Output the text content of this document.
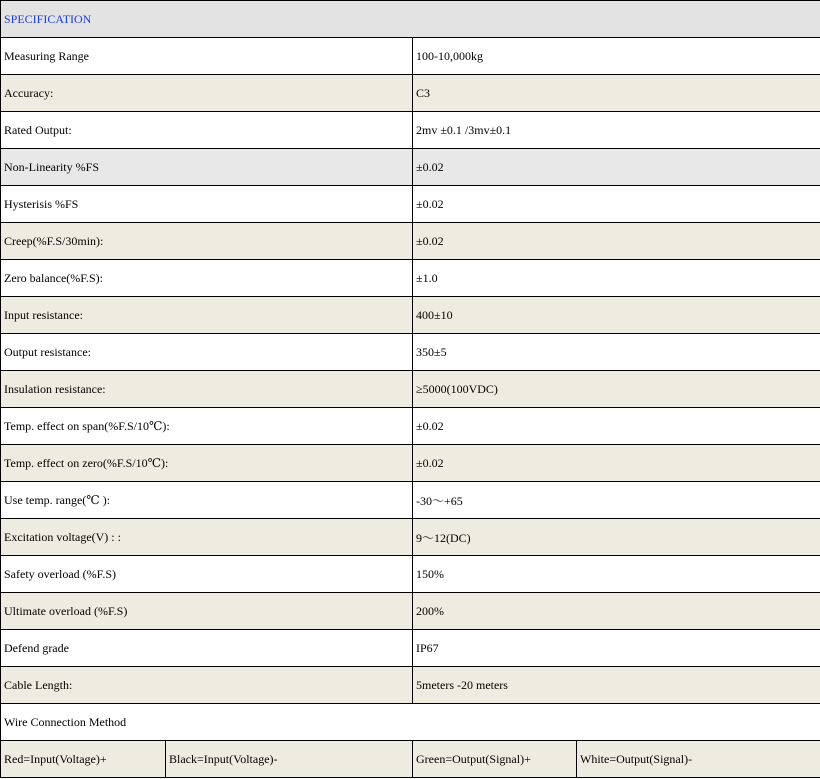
SPECIFICATION			
Measuring Range		100-10,000kg	
Accuracy:		C3	
Rated Output:		2mv ±0.1 /3mv±0.1	
Non-Linearity %FS		±0.02	
Hysterisis %FS		±0.02	
Creep(%F.S/30min):		±0.02	
Zero balance(%F.S):		±1.0	
Input resistance:		400±10	
Output resistance:		350±5	
Insulation resistance:		≥5000(100VDC)	
Temp. effect on span(%F.S/10℃):		±0.02	
Temp. effect on zero(%F.S/10℃):		±0.02	
Use temp. range(℃ ):		-30～+65	
Excitation voltage(V) : :		9～12(DC)	
Safety overload (%F.S)		150%	
Ultimate overload (%F.S)		200%	
Defend grade		IP67	
Cable Length:		5meters -20 meters	
Wire Connection Method			
Red=Input(Voltage)+	Black=Input(Voltage)-	Green=Output(Signal)+	White=Output(Signal)-
